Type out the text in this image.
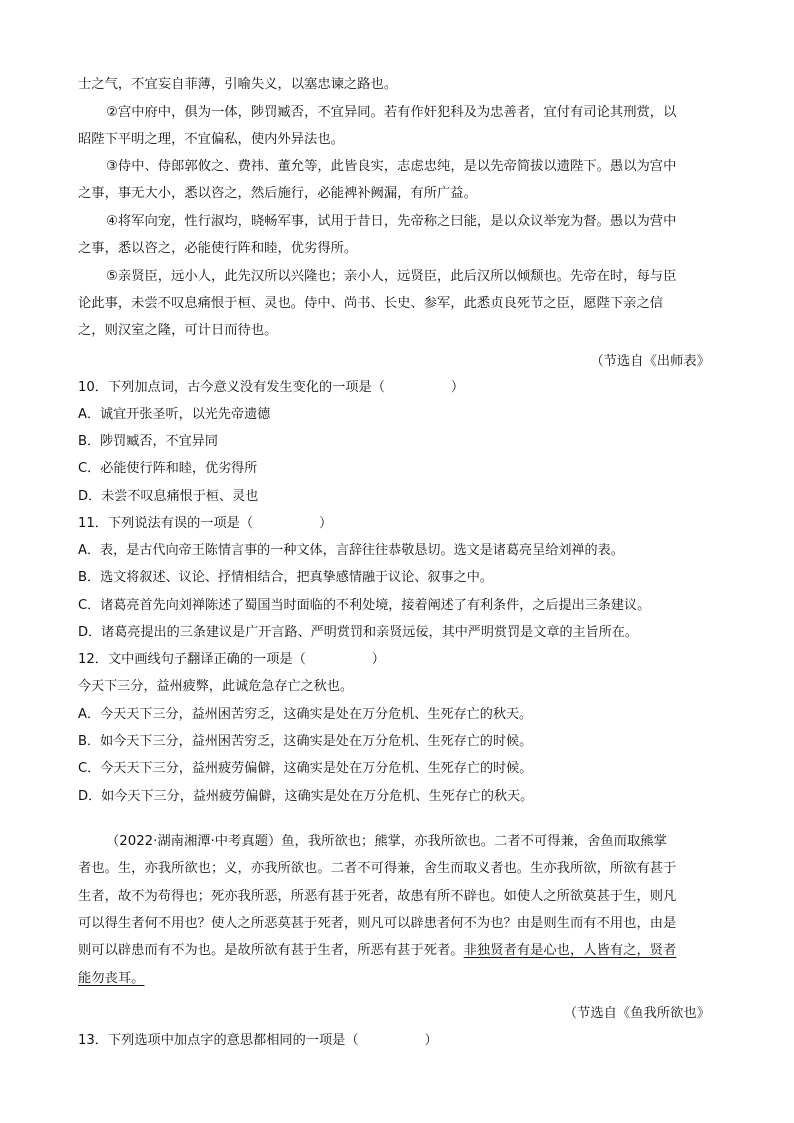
士之气，不宜妄自菲薄，引喻失义，以塞忠谏之路也。
②宫中府中，俱为一体，陟罚臧否，不宜异同。若有作奸犯科及为忠善者，宜付有司论其刑赏，以
昭陛下平明之理，不宜偏私，使内外异法也。
③侍中、侍郎郭攸之、费祎、董允等，此皆良实，志虑忠纯，是以先帝简拔以遗陛下。愚以为宫中
之事，事无大小，悉以咨之，然后施行，必能裨补阙漏，有所广益。
④将军向宠，性行淑均，晓畅军事，试用于昔日，先帝称之曰能，是以众议举宠为督。愚以为营中
之事，悉以咨之，必能使行阵和睦，优劣得所。
⑤亲贤臣，远小人，此先汉所以兴隆也；亲小人，远贤臣，此后汉所以倾颓也。先帝在时，每与臣
论此事，未尝不叹息痛恨于桓、灵也。侍中、尚书、长史、参军，此悉贞良死节之臣，愿陛下亲之信
之，则汉室之隆，可计日而待也。
（节选自《出师表》
10．下列加点词，古今意义没有发生变化的一项是（　　　　　）
A．诚宜开张圣听，以光先帝遗德
B．陟罚臧否，不宜异同
C．必能使行阵和睦，优劣得所
D．未尝不叹息痛恨于桓、灵也
11．下列说法有误的一项是（　　　　　）
A．表，是古代向帝王陈情言事的一种文体，言辞往往恭敬恳切。选文是诸葛亮呈给刘禅的表。
B．选文将叙述、议论、抒情相结合，把真挚感情融于议论、叙事之中。
C．诸葛亮首先向刘禅陈述了蜀国当时面临的不利处境，接着阐述了有利条件，之后提出三条建议。
D．诸葛亮提出的三条建议是广开言路、严明赏罚和亲贤远佞，其中严明赏罚是文章的主旨所在。
12．文中画线句子翻译正确的一项是（　　　　　）
今天下三分，益州疲弊，此诚危急存亡之秋也。
A．今天天下三分，益州困苦穷乏，这确实是处在万分危机、生死存亡的秋天。
B．如今天下三分，益州困苦穷乏，这确实是处在万分危机、生死存亡的时候。
C．今天天下三分，益州疲劳偏僻，这确实是处在万分危机、生死存亡的时候。
D．如今天下三分，益州疲劳偏僻，这确实是处在万分危机、生死存亡的秋天。
（2022·湖南湘潭·中考真题）鱼，我所欲也；熊掌，亦我所欲也。二者不可得兼，舍鱼而取熊掌
者也。生，亦我所欲也；义，亦我所欲也。二者不可得兼，舍生而取义者也。生亦我所欲，所欲有甚于
生者，故不为苟得也；死亦我所恶，所恶有甚于死者，故患有所不辟也。如使人之所欲莫甚于生，则凡
可以得生者何不用也？使人之所恶莫甚于死者，则凡可以辟患者何不为也？由是则生而有不用也，由是
则可以辟患而有不为也。是故所欲有甚于生者，所恶有甚于死者。非独贤者有是心也，人皆有之，贤者
能勿丧耳。
（节选自《鱼我所欲也》
13．下列选项中加点字的意思都相同的一项是（　　　　　）
